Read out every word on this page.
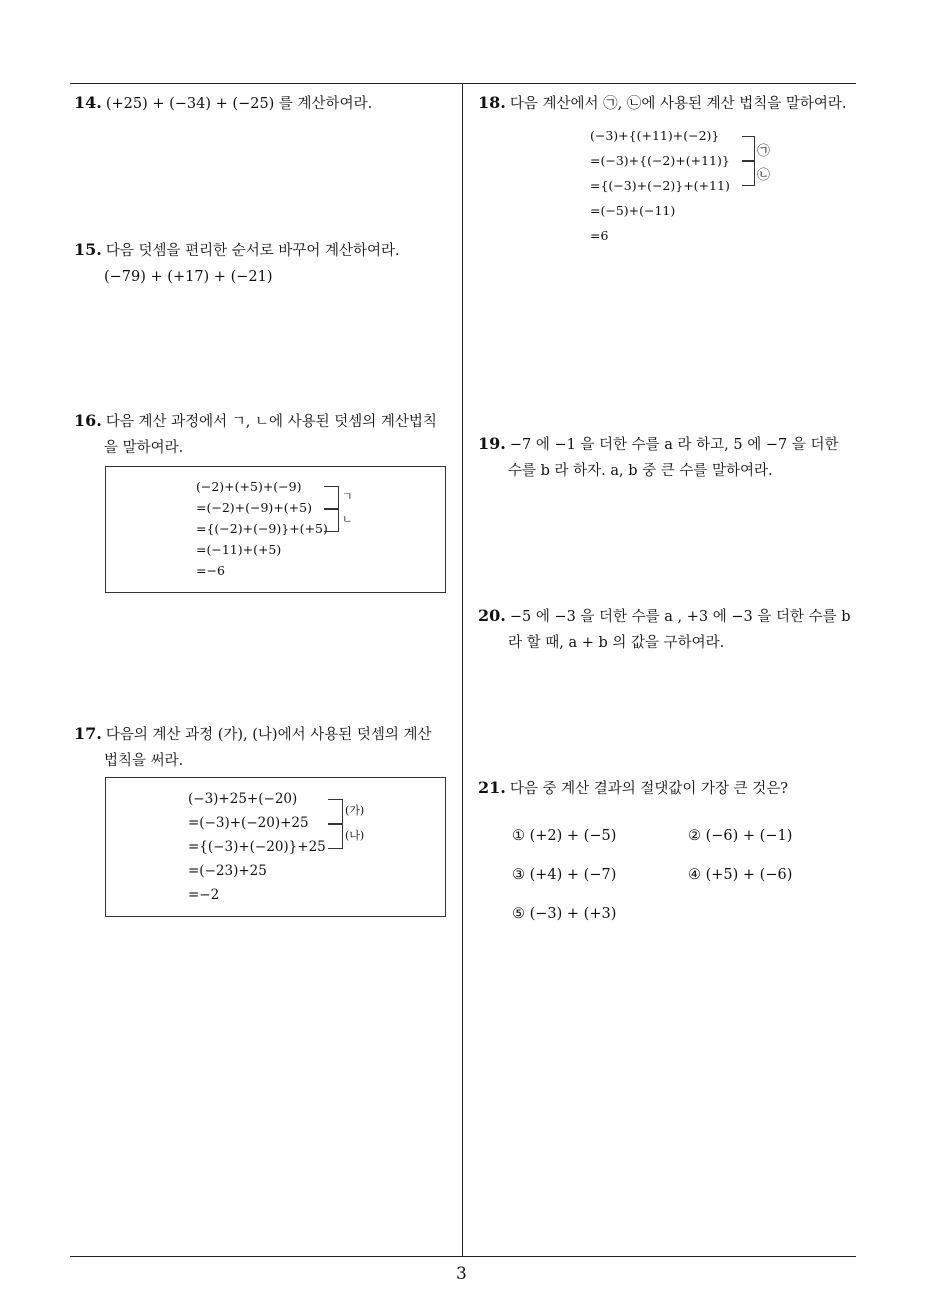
14. (+25) + (−34) + (−25) 를 계산하여라.
15. 다음 덧셈을 편리한 순서로 바꾸어 계산하여라.
(−79) + (+17) + (−21)
16. 다음 계산 과정에서 ㄱ, ㄴ에 사용된 덧셈의 계산법칙
을 말하여라.
(−2)+(+5)+(−9)
=(−2)+(−9)+(+5)
={(−2)+(−9)}+(+5)
=(−11)+(+5)
=−6
ㄱ
ㄴ
17. 다음의 계산 과정 (가), (나)에서 사용된 덧셈의 계산
법칙을 써라.
(−3)+25+(−20)
=(−3)+(−20)+25
={(−3)+(−20)}+25
=(−23)+25
=−2
(가)
(나)
18. 다음 계산에서 ㉠, ㉡에 사용된 계산 법칙을 말하여라.
(−3)+{(+11)+(−2)}
=(−3)+{(−2)+(+11)}
={(−3)+(−2)}+(+11)
=(−5)+(−11)
=6
㉠
㉡
19. −7 에 −1 을 더한 수를 a 라 하고, 5 에 −7 을 더한
수를 b 라 하자. a, b 중 큰 수를 말하여라.
20. −5 에 −3 을 더한 수를 a , +3 에 −3 을 더한 수를 b
라 할 때, a + b 의 값을 구하여라.
21. 다음 중 계산 결과의 절댓값이 가장 큰 것은?
① (+2) + (−5)	② (−6) + (−1)
③ (+4) + (−7)	④ (+5) + (−6)
⑤ (−3) + (+3)
3
